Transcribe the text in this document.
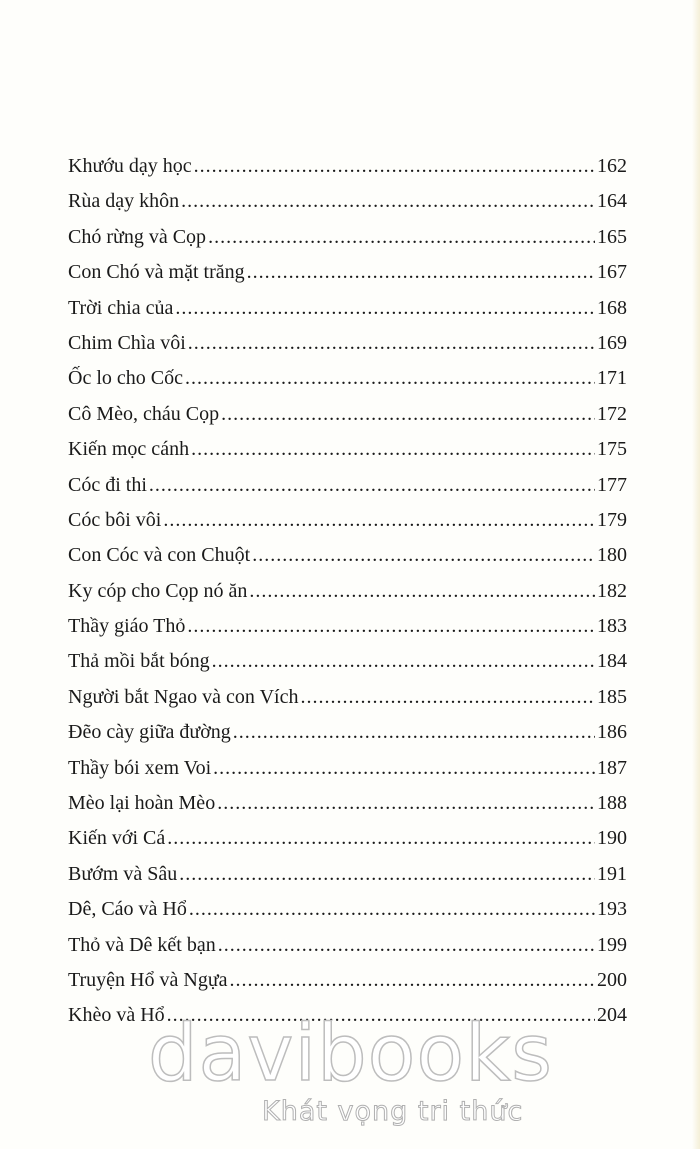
Khướu dạy học .....	162
Rùa dạy khôn .....	164
Chó rừng và Cọp .....	165
Con Chó và mặt trăng .....	167
Trời chia của .....	168
Chim Chìa vôi .....	169
Ốc lo cho Cốc .....	171
Cô Mèo, cháu Cọp .....	172
Kiến mọc cánh .....	175
Cóc đi thi .....	177
Cóc bôi vôi .....	179
Con Cóc và con Chuột .....	180
Ky cóp cho Cọp nó ăn .....	182
Thầy giáo Thỏ .....	183
Thả mồi bắt bóng .....	184
Người bắt Ngao và con Vích .....	185
Đẽo cày giữa đường .....	186
Thầy bói xem Voi .....	187
Mèo lại hoàn Mèo .....	188
Kiến với Cá .....	190
Bướm và Sâu .....	191
Dê, Cáo và Hổ .....	193
Thỏ và Dê kết bạn .....	199
Truyện Hổ và Ngựa .....	200
Khèo và Hổ .....	204
davibooks
Khát vọng tri thức
